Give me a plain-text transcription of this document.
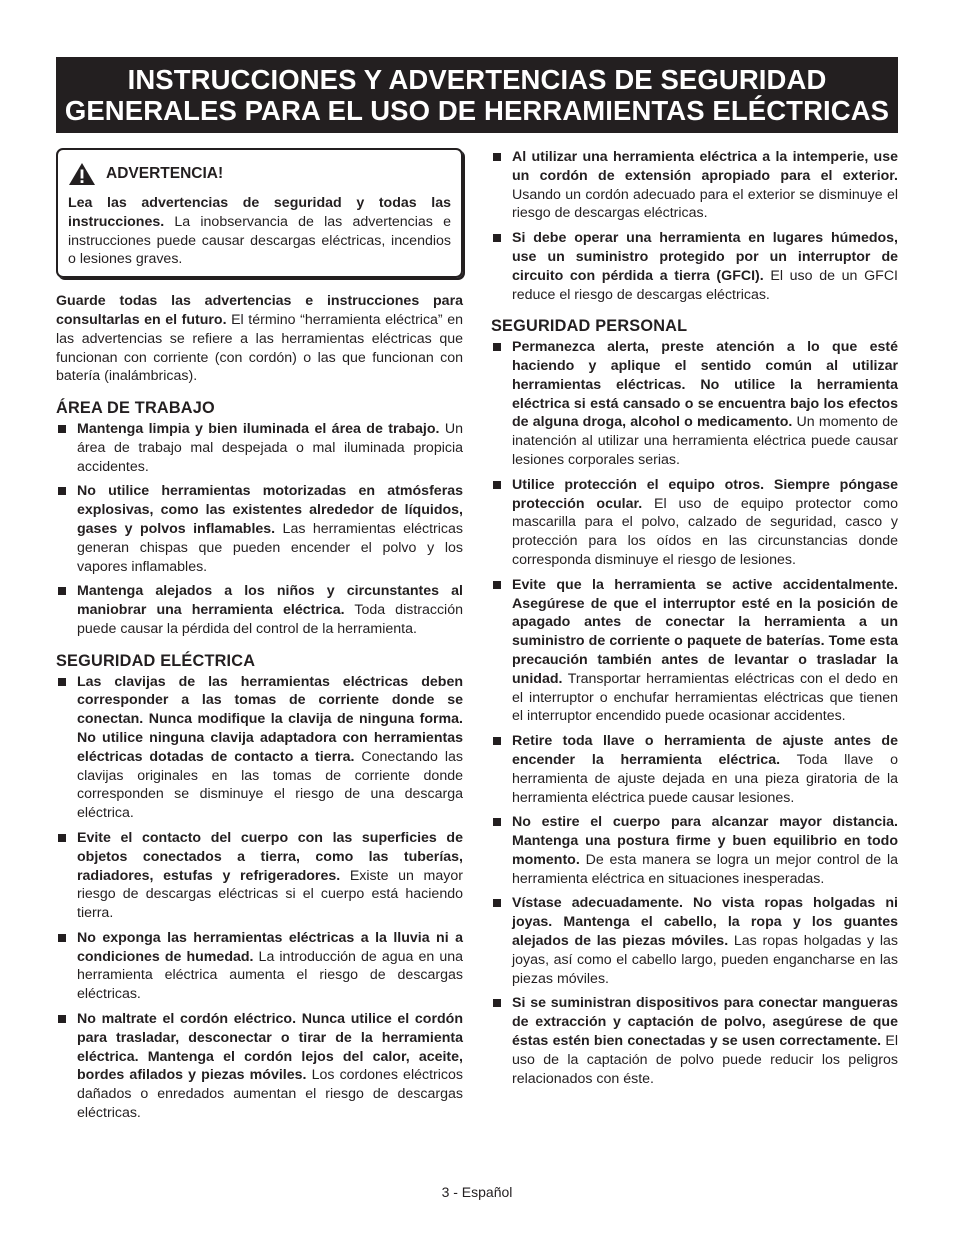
INSTRUCCIONES Y ADVERTENCIAS DE SEGURIDAD
GENERALES PARA EL USO DE HERRAMIENTAS ELÉCTRICAS
ADVERTENCIA!
Lea las advertencias de seguridad y todas las instrucciones. La inobservancia de las advertencias e instrucciones puede causar descargas eléctricas, incendios o lesiones graves.
Guarde todas las advertencias e instrucciones para consultarlas en el futuro. El término “herramienta eléctrica” en las advertencias se refiere a las herramientas eléctricas que funcionan con corriente (con cordón) o las que funcionan con batería (inalámbricas).
ÁREA DE TRABAJO
Mantenga limpia y bien iluminada el área de trabajo. Un área de trabajo mal despejada o mal iluminada propicia accidentes.
No utilice herramientas motorizadas en atmósferas explosivas, como las existentes alrededor de líquidos, gases y polvos inflamables. Las herramientas eléctricas generan chispas que pueden encender el polvo y los vapores inflamables.
Mantenga alejados a los niños y circunstantes al maniobrar una herramienta eléctrica. Toda distracción puede causar la pérdida del control de la herramienta.
SEGURIDAD ELÉCTRICA
Las clavijas de las herramientas eléctricas deben corresponder a las tomas de corriente donde se conectan. Nunca modifique la clavija de ninguna forma. No utilice ninguna clavija adaptadora con herramientas eléctricas dotadas de contacto a tierra. Conectando las clavijas originales en las tomas de corriente donde corresponden se disminuye el riesgo de una descarga eléctrica.
Evite el contacto del cuerpo con las superficies de objetos conectados a tierra, como las tuberías, radiadores, estufas y refrigeradores. Existe un mayor riesgo de descargas eléctricas si el cuerpo está haciendo tierra.
No exponga las herramientas eléctricas a la lluvia ni a condiciones de humedad. La introducción de agua en una herramienta eléctrica aumenta el riesgo de descargas eléctricas.
No maltrate el cordón eléctrico. Nunca utilice el cordón para trasladar, desconectar o tirar de la herramienta eléctrica. Mantenga el cordón lejos del calor, aceite, bordes afilados y piezas móviles. Los cordones eléctricos dañados o enredados aumentan el riesgo de descargas eléctricas.
Al utilizar una herramienta eléctrica a la intemperie, use un cordón de extensión apropiado para el exterior. Usando un cordón adecuado para el exterior se disminuye el riesgo de descargas eléctricas.
Si debe operar una herramienta en lugares húmedos, use un suministro protegido por un interruptor de circuito con pérdida a tierra (GFCI). El uso de un GFCI reduce el riesgo de descargas eléctricas.
SEGURIDAD PERSONAL
Permanezca alerta, preste atención a lo que esté haciendo y aplique el sentido común al utilizar herramientas eléctricas. No utilice la herramienta eléctrica si está cansado o se encuentra bajo los efectos de alguna droga, alcohol o medicamento. Un momento de inatención al utilizar una herramienta eléctrica puede causar lesiones corporales serias.
Utilice protección el equipo otros. Siempre póngase protección ocular. El uso de equipo protector como mascarilla para el polvo, calzado de seguridad, casco y protección para los oídos en las circunstancias donde corresponda disminuye el riesgo de lesiones.
Evite que la herramienta se active accidentalmente. Asegúrese de que el interruptor esté en la posición de apagado antes de conectar la herramienta a un suministro de corriente o paquete de baterías. Tome esta precaución también antes de levantar o trasladar la unidad. Transportar herramientas eléctricas con el dedo en el interruptor o enchufar herramientas eléctricas que tienen el interruptor encendido puede ocasionar accidentes.
Retire toda llave o herramienta de ajuste antes de encender la herramienta eléctrica. Toda llave o herramienta de ajuste dejada en una pieza giratoria de la herramienta eléctrica puede causar lesiones.
No estire el cuerpo para alcanzar mayor distancia. Mantenga una postura firme y buen equilibrio en todo momento. De esta manera se logra un mejor control de la herramienta eléctrica en situaciones inesperadas.
Vístase adecuadamente. No vista ropas holgadas ni joyas. Mantenga el cabello, la ropa y los guantes alejados de las piezas móviles. Las ropas holgadas y las joyas, así como el cabello largo, pueden engancharse en las piezas móviles.
Si se suministran dispositivos para conectar mangueras de extracción y captación de polvo, asegúrese de que éstas estén bien conectadas y se usen correctamente. El uso de la captación de polvo puede reducir los peligros relacionados con éste.
3 - Español
